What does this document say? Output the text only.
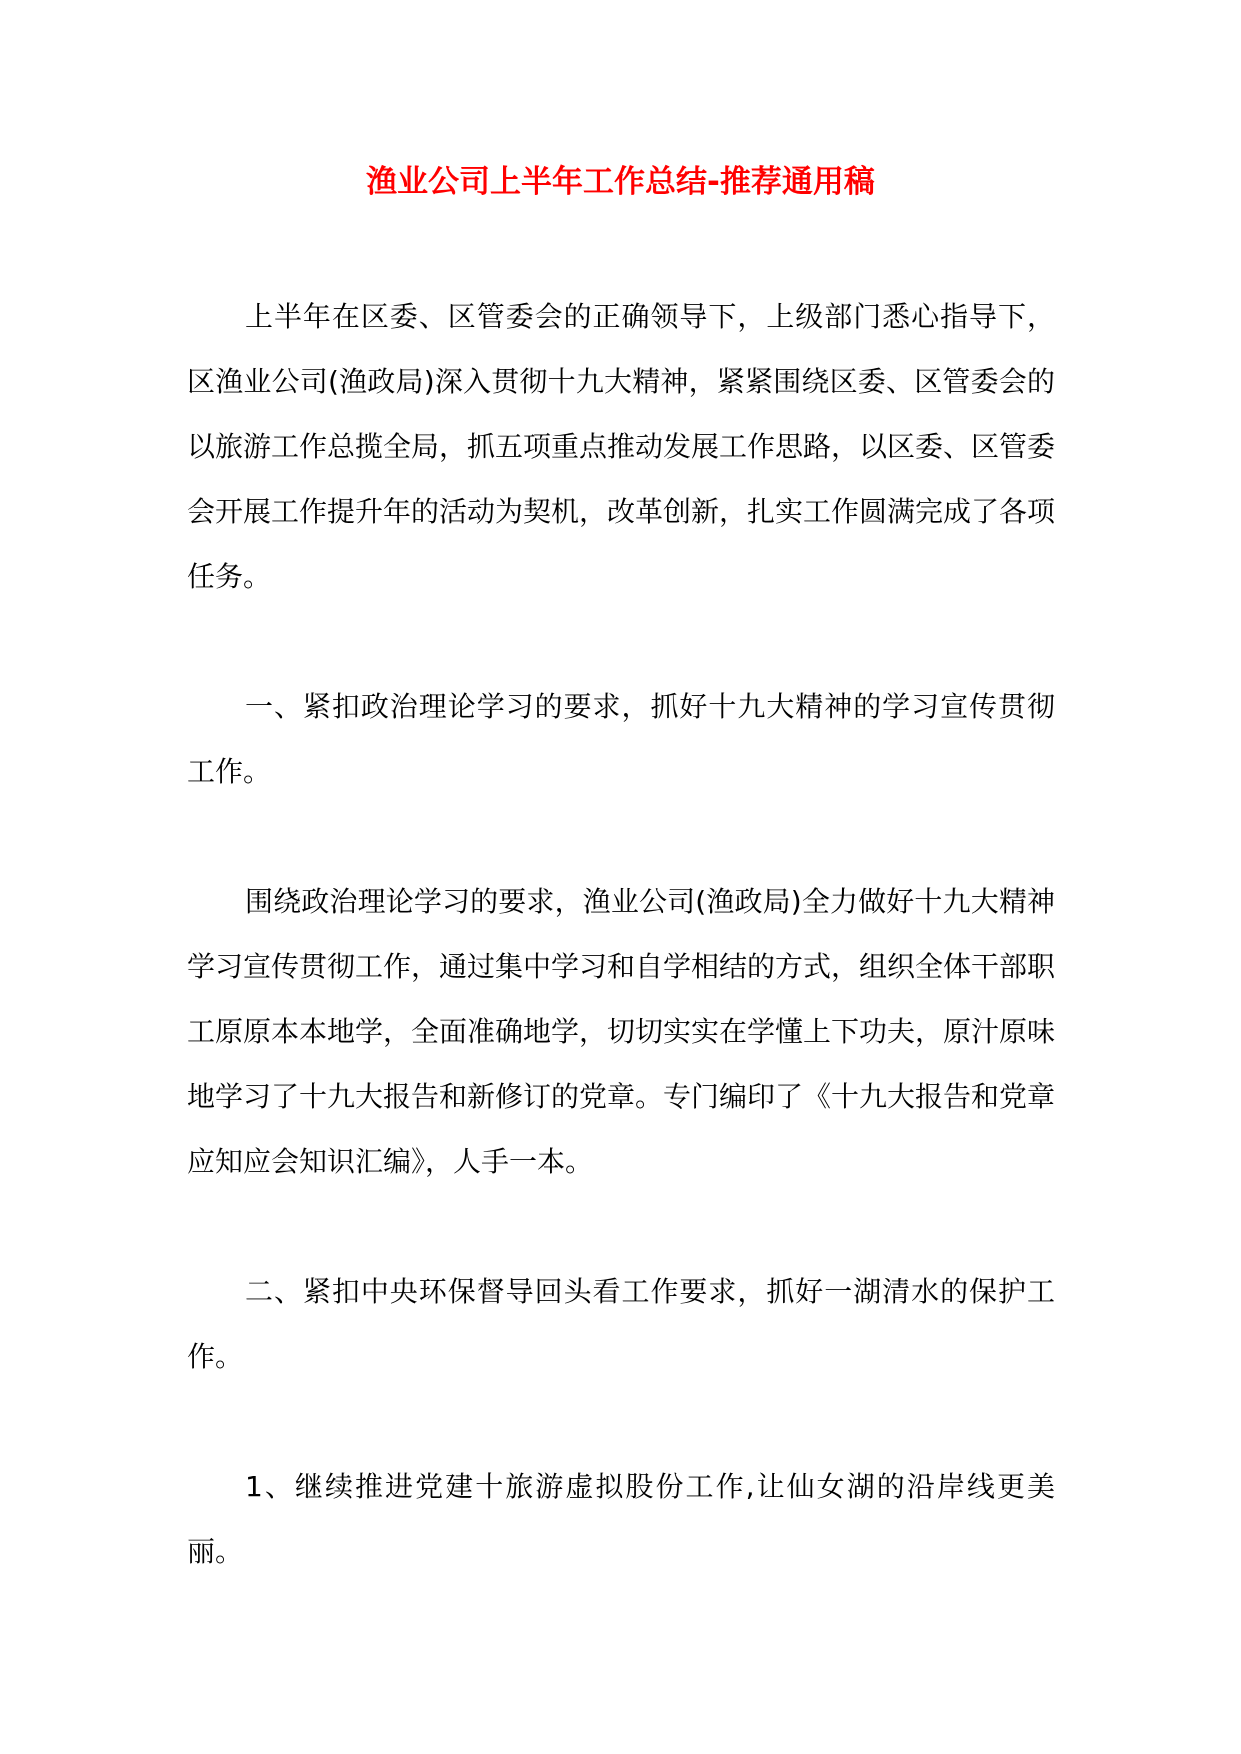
渔业公司上半年工作总结-推荐通用稿
上半年在区委、区管委会的正确领导下，上级部门悉心指导下，区渔业公司(渔政局)深入贯彻十九大精神，紧紧围绕区委、区管委会的以旅游工作总揽全局，抓五项重点推动发展工作思路，以区委、区管委会开展工作提升年的活动为契机，改革创新，扎实工作圆满完成了各项任务。
一、紧扣政治理论学习的要求，抓好十九大精神的学习宣传贯彻工作。
围绕政治理论学习的要求，渔业公司(渔政局)全力做好十九大精神学习宣传贯彻工作，通过集中学习和自学相结的方式，组织全体干部职工原原本本地学，全面准确地学，切切实实在学懂上下功夫，原汁原味地学习了十九大报告和新修订的党章。专门编印了《十九大报告和党章应知应会知识汇编》，人手一本。
二、紧扣中央环保督导回头看工作要求，抓好一湖清水的保护工作。
1、继续推进党建十旅游虚拟股份工作,让仙女湖的沿岸线更美丽。
